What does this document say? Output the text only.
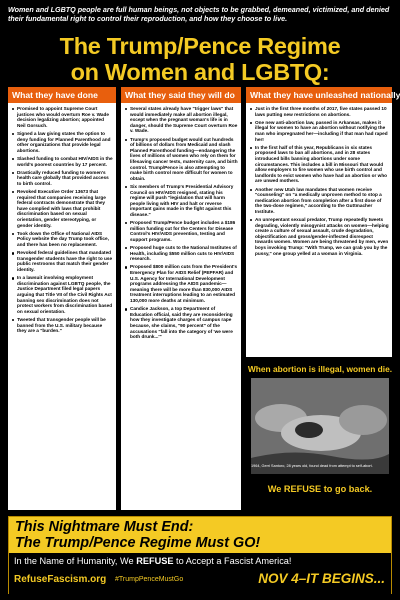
Women and LGBTQ people are full human beings, not objects to be grabbed, demeaned, victimized, and denied their fundamental right to control their reproduction, and how they choose to live.
The Trump/Pence Regime
on Women and LGBTQ:
What they have done
Promised to appoint Supreme Court justices who would overturn Roe v. Wade decision legalizing abortion; appointed Neil Gorsuch.
Signed a law giving states the option to deny funding for Planned Parenthood and other organizations that provide legal abortions.
Slashed funding to combat HIV/AIDS in the world's poorest countries by 17 percent.
Drastically reduced funding to women's health care globally that provided access to birth control.
Revoked Executive Order 13673 that required that companies receiving large federal contracts demonstrate that they have complied with laws that prohibit discrimination based on sexual orientation, gender stereotyping, or gender identity.
Took down the Office of National AIDS Policy website the day Trump took office, and there has been no replacement.
Revoked federal guidelines that mandated transgender students have the right to use public restrooms that match their gender identity.
In a lawsuit involving employment discrimination against LGBTQ people, the Justice Department filed legal papers arguing that Title VII of the Civil Rights Act banning sex discrimination does not protect workers from discrimination based on sexual orientation.
Tweeted that transgender people will be banned from the U.S. military because they are a "burden."
What they said they will do
Several states already have "trigger laws" that would immediately make all abortion illegal, except when the pregnant woman's life is in danger, should the Supreme Court overturn Roe v. Wade.
Trump's proposed budget would cut hundreds of billions of dollars from Medicaid and slash Planned Parenthood funding—endangering the lives of millions of women who rely on them for lifesaving cancer tests, maternity care, and birth control. Trump/Pence is also attempting to make birth control more difficult for women to obtain.
Six members of Trump's Presidential Advisory Council on HIV/AIDS resigned, stating his regime will push "legislation that will harm people living with HIV and halt or reverse important gains made in the fight against this disease."
Proposed Trump/Pence budget includes a $186 million funding cut for the Centers for Disease Control's HIV/AIDS prevention, testing and support programs.
Proposed huge cuts to the National Institutes of Health, including $550 million cuts to HIV/AIDS research.
Proposed $800 million cuts from the President's Emergency Plan for AIDS Relief (PEPFAR) and U.S. Agency for International Development programs addressing the AIDS pandemic—meaning there will be more than 830,000 AIDS treatment interruptions leading to an estimated 130,000 more deaths at minimum.
Candice Jackson, a top Department of Education official, said they are reconsidering how they investigate charges of campus rape because, she claims, "90 percent" of the accusations "fall into the category of 'we were both drunk...'"
What they have unleashed nationally
Just in the first three months of 2017, five states passed 10 laws putting new restrictions on abortions.
One new anti-abortion law, passed in Arkansas, makes it illegal for women to have an abortion without notifying the man who impregnated her—including if that man had raped her!
In the first half of this year, Republicans in six states proposed laws to ban all abortions, and in 28 states introduced bills banning abortions under some circumstances. This includes a bill in Missouri that would allow employers to fire women who use birth control and landlords to evict women who have had an abortion or who are unwed mothers.
Another new Utah law mandates that women receive "counseling" on "a medically unproven method to stop a medication abortion from completion after a first dose of the two-dose regimen," according to the Guttmacher Institute.
An unrepentant sexual predator, Trump repeatedly tweets degrading, violently misogynist attacks on women—helping create a culture of sexual assault, crude degradation, objectification and gross/gender-inflected disrespect towards women. Women are being threatened by men, even boys invoking Trump: "With Trump, we can grab you by the pussy," one group yelled at a woman in Virginia.
When abortion is illegal, women die.
1964, Gerri Santoro, 28 years old, found dead from attempt to self-abort.
We REFUSE to go back.
This Nightmare Must End:
The Trump/Pence Regime Must GO!
In the Name of Humanity, We REFUSE to Accept a Fascist America!
RefuseFascism.org #TrumpPenceMustGo	NOV 4–IT BEGINS...
